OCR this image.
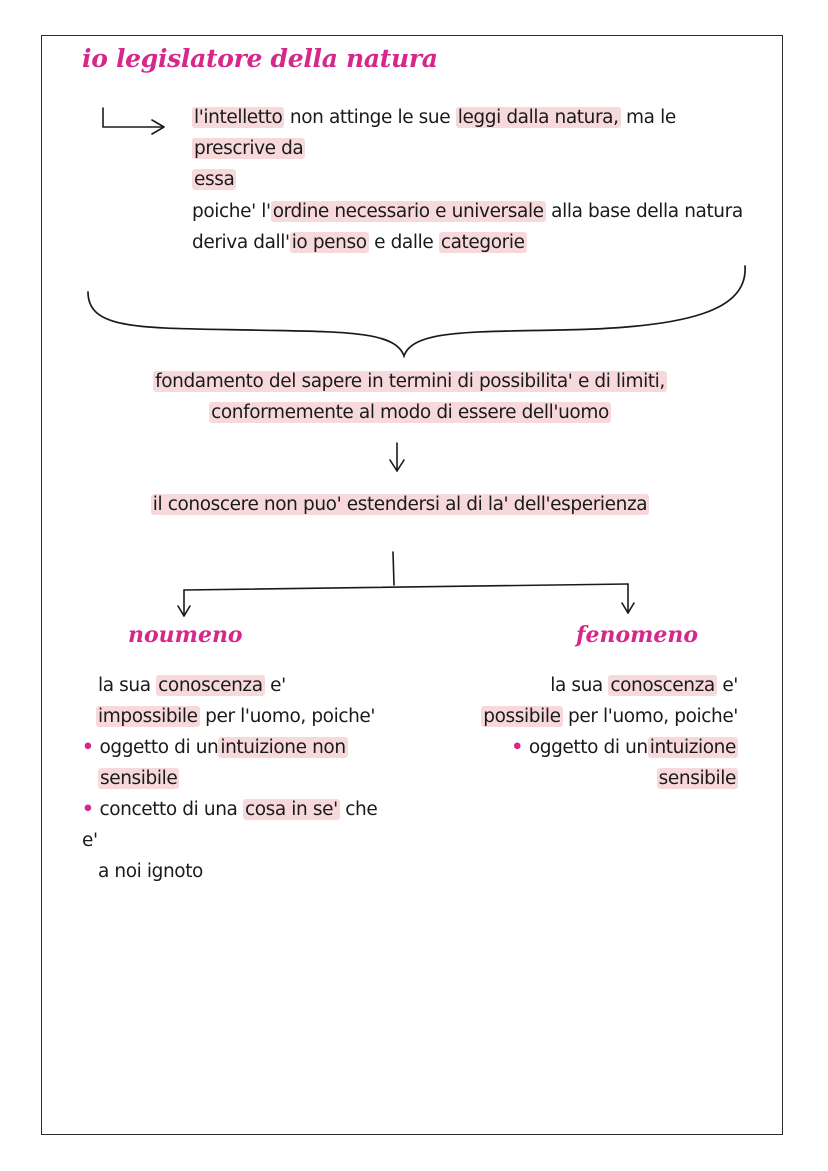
io legislatore della natura
l'intelletto non attinge le sue leggi dalla natura, ma le prescrive da
essa
poiche' l' ordine necessario e universale alla base della natura
deriva dall' io penso e dalle categorie
fondamento del sapere in termini di possibilita' e di limiti,
conformemente al modo di essere dell'uomo
il conoscere non puo' estendersi al di la' dell'esperienza
noumeno
la sua conoscenza e'
impossibile per l'uomo, poiche'
• oggetto di un intuizione non
sensibile
• concetto di una cosa in se' che e'
a noi ignoto
fenomeno
la sua conoscenza e'
possibile per l'uomo, poiche'
• oggetto di un intuizione
sensibile
